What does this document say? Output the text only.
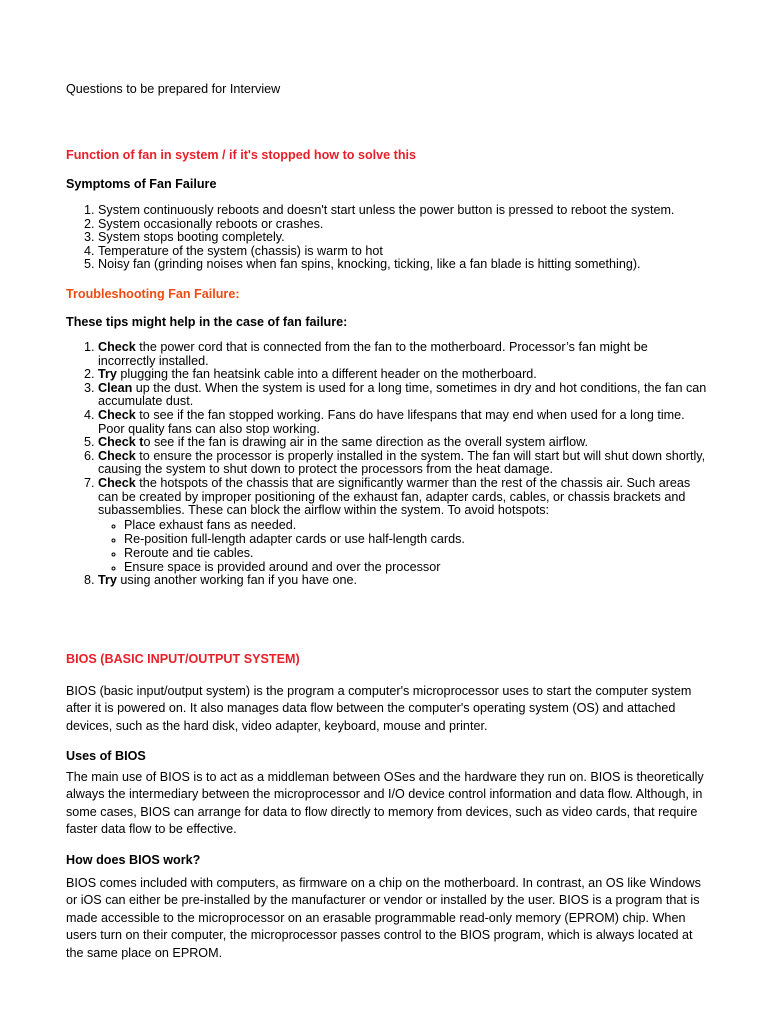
Questions to be prepared for Interview

Function of fan in system / if it's stopped how to solve this

Symptoms of Fan Failure

1. System continuously reboots and doesn't start unless the power button is pressed to reboot the system.
2. System occasionally reboots or crashes.
3. System stops booting completely.
4. Temperature of the system (chassis) is warm to hot
5. Noisy fan (grinding noises when fan spins, knocking, ticking, like a fan blade is hitting something).

Troubleshooting Fan Failure:

These tips might help in the case of fan failure:

1. Check the power cord that is connected from the fan to the motherboard. Processor’s fan might be incorrectly installed.
2. Try plugging the fan heatsink cable into a different header on the motherboard.
3. Clean up the dust. When the system is used for a long time, sometimes in dry and hot conditions, the fan can accumulate dust.
4. Check to see if the fan stopped working. Fans do have lifespans that may end when used for a long time. Poor quality fans can also stop working.
5. Check to see if the fan is drawing air in the same direction as the overall system airflow.
6. Check to ensure the processor is properly installed in the system. The fan will start but will shut down shortly, causing the system to shut down to protect the processors from the heat damage.
7. Check the hotspots of the chassis that are significantly warmer than the rest of the chassis air. Such areas can be created by improper positioning of the exhaust fan, adapter cards, cables, or chassis brackets and subassemblies. These can block the airflow within the system. To avoid hotspots:
◦ Place exhaust fans as needed.
◦ Re-position full-length adapter cards or use half-length cards.
◦ Reroute and tie cables.
◦ Ensure space is provided around and over the processor
8. Try using another working fan if you have one.

BIOS (BASIC INPUT/OUTPUT SYSTEM)

BIOS (basic input/output system) is the program a computer's microprocessor uses to start the computer system after it is powered on. It also manages data flow between the computer's operating system (OS) and attached devices, such as the hard disk, video adapter, keyboard, mouse and printer.

Uses of BIOS

The main use of BIOS is to act as a middleman between OSes and the hardware they run on. BIOS is theoretically always the intermediary between the microprocessor and I/O device control information and data flow. Although, in some cases, BIOS can arrange for data to flow directly to memory from devices, such as video cards, that require faster data flow to be effective.

How does BIOS work?

BIOS comes included with computers, as firmware on a chip on the motherboard. In contrast, an OS like Windows or iOS can either be pre-installed by the manufacturer or vendor or installed by the user. BIOS is a program that is made accessible to the microprocessor on an erasable programmable read-only memory (EPROM) chip. When users turn on their computer, the microprocessor passes control to the BIOS program, which is always located at the same place on EPROM.
